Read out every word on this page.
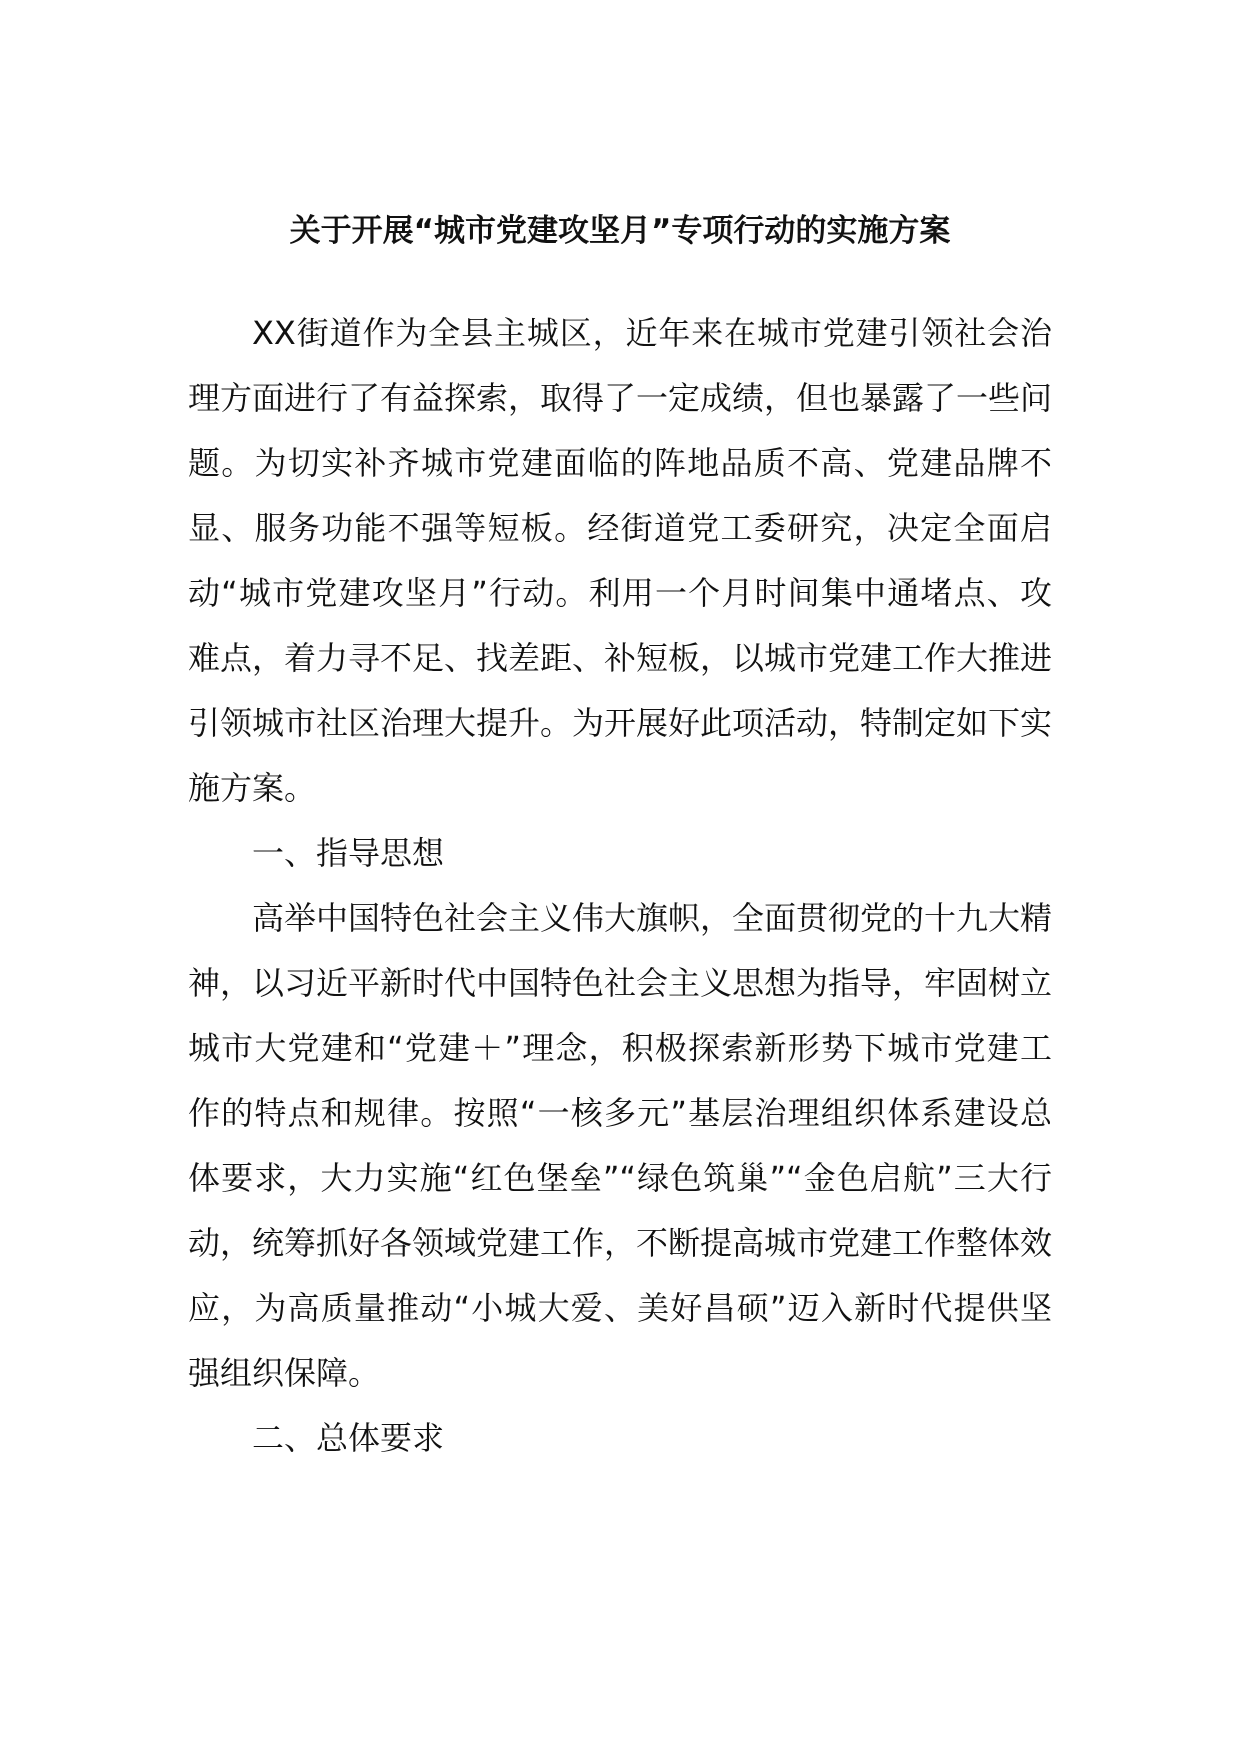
关于开展“城市党建攻坚月”专项行动的实施方案

XX街道作为全县主城区，近年来在城市党建引领社会治理方面进行了有益探索，取得了一定成绩，但也暴露了一些问题。为切实补齐城市党建面临的阵地品质不高、党建品牌不显、服务功能不强等短板。经街道党工委研究，决定全面启动“城市党建攻坚月”行动。利用一个月时间集中通堵点、攻难点，着力寻不足、找差距、补短板，以城市党建工作大推进引领城市社区治理大提升。为开展好此项活动，特制定如下实施方案。

一、指导思想

高举中国特色社会主义伟大旗帜，全面贯彻党的十九大精神，以习近平新时代中国特色社会主义思想为指导，牢固树立城市大党建和“党建＋”理念，积极探索新形势下城市党建工作的特点和规律。按照“一核多元”基层治理组织体系建设总体要求，大力实施“红色堡垒”“绿色筑巢”“金色启航”三大行动，统筹抓好各领域党建工作，不断提高城市党建工作整体效应，为高质量推动“小城大爱、美好昌硕”迈入新时代提供坚强组织保障。

二、总体要求
